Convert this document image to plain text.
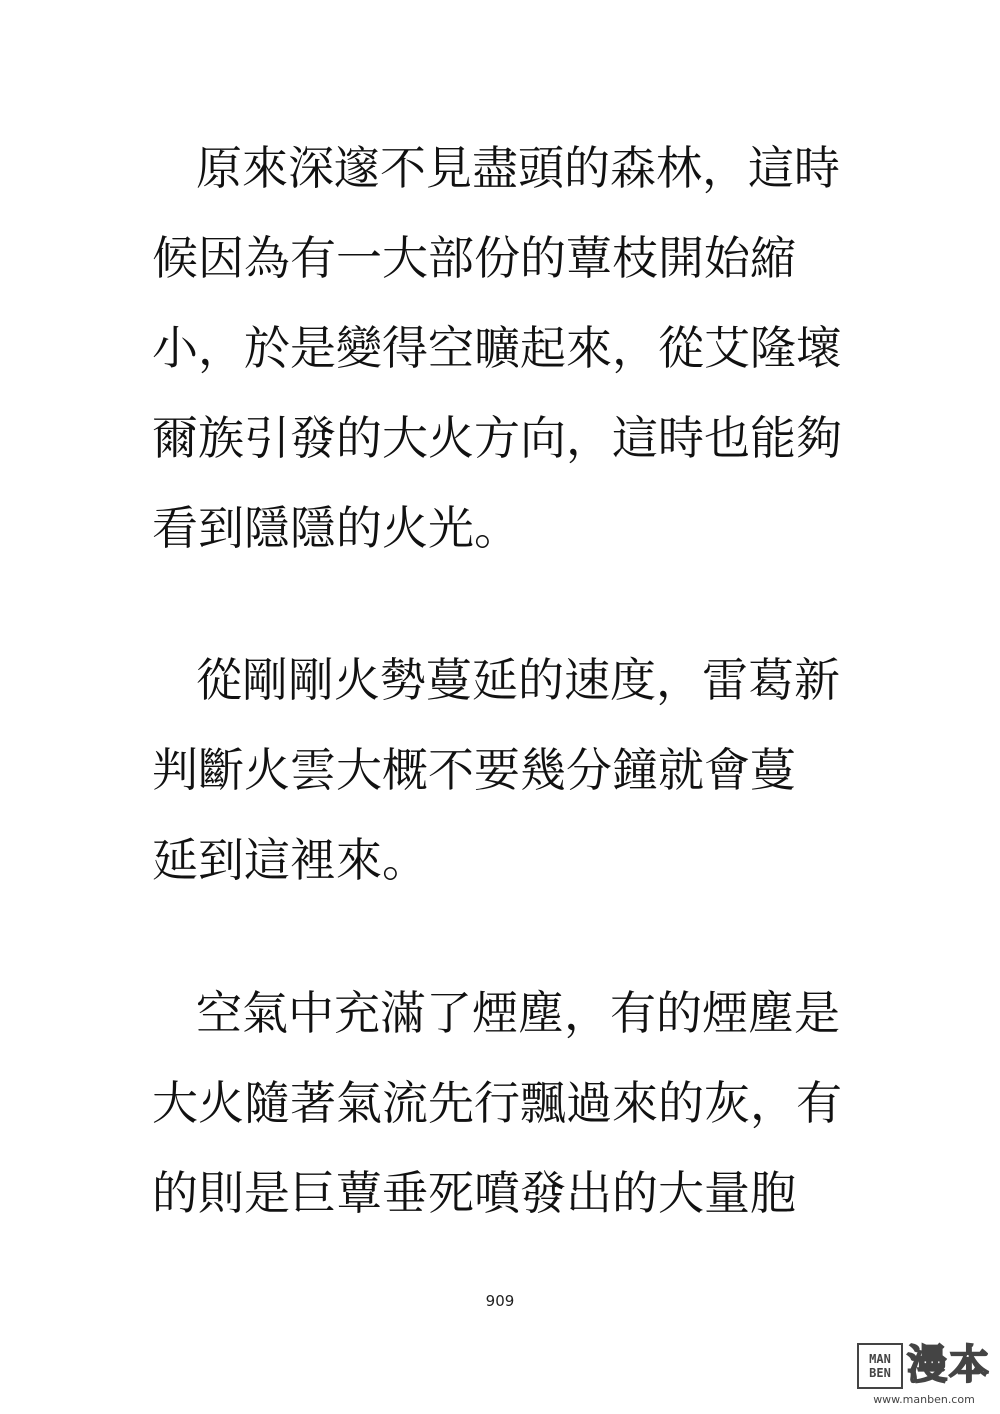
原來深邃不見盡頭的森林，這時
候因為有一大部份的蕈枝開始縮
小，於是變得空曠起來，從艾隆壞
爾族引發的大火方向，這時也能夠
看到隱隱的火光。
從剛剛火勢蔓延的速度，雷葛新
判斷火雲大概不要幾分鐘就會蔓
延到這裡來。
空氣中充滿了煙塵，有的煙塵是
大火隨著氣流先行飄過來的灰，有
的則是巨蕈垂死噴發出的大量胞
909
MAN
BEN 漫本
www.manben.com
